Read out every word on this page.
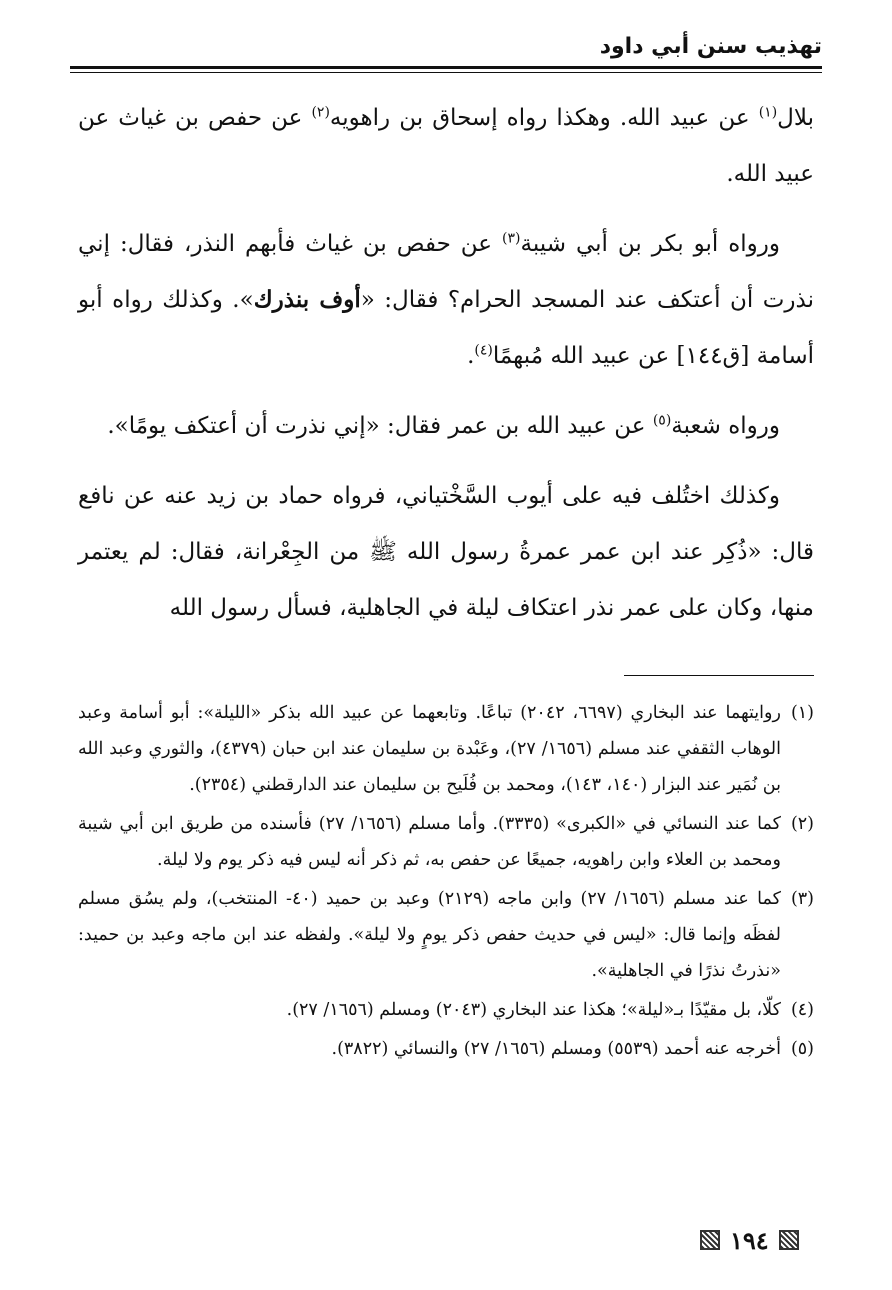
تهذيب سنن أبي داود

بلال$^{(١)}$ عن عبيد الله. وهكذا رواه إسحاق بن راهويه$^{(٢)}$ عن حفص بن غياث عن عبيد الله.

ورواه أبو بكر بن أبي شيبة$^{(٣)}$ عن حفص بن غياث فأبهم النذر، فقال: إني نذرت أن أعتكف عند المسجد الحرام؟ فقال: «أوف بنذرك». وكذلك رواه أبو أسامة [ق١٤٤] عن عبيد الله مُبهمًا$^{(٤)}$.

ورواه شعبة$^{(٥)}$ عن عبيد الله بن عمر فقال: «إني نذرت أن أعتكف يومًا».

وكذلك اختُلف فيه على أيوب السَّخْتياني، فرواه حماد بن زيد عنه عن نافع قال: «ذُكِر عند ابن عمر عمرةُ رسول الله ﷺ من الجِعْرانة، فقال: لم يعتمر منها، وكان على عمر نذر اعتكاف ليلة في الجاهلية، فسأل رسول الله

(١)
روايتهما عند البخاري (٦٦٩٧، ٢٠٤٢) تباعًا. وتابعهما عن عبيد الله بذكر «الليلة»: أبو أسامة وعبد الوهاب الثقفي عند مسلم (١٦٥٦/ ٢٧)، وعَبْدة بن سليمان عند ابن حبان (٤٣٧٩)، والثوري وعبد الله بن نُمَير عند البزار (١٤٠، ١٤٣)، ومحمد بن فُلَيح بن سليمان عند الدارقطني (٢٣٥٤).
(٢)
كما عند النسائي في «الكبرى» (٣٣٣٥). وأما مسلم (١٦٥٦/ ٢٧) فأسنده من طريق ابن أبي شيبة ومحمد بن العلاء وابن راهويه، جميعًا عن حفص به، ثم ذكر أنه ليس فيه ذكر يوم ولا ليلة.
(٣)
كما عند مسلم (١٦٥٦/ ٢٧) وابن ماجه (٢١٢٩) وعبد بن حميد (٤٠- المنتخب)، ولم يسُق مسلم لفظَه وإنما قال: «ليس في حديث حفص ذكر يومٍ ولا ليلة». ولفظه عند ابن ماجه وعبد بن حميد: «نذرتُ نذرًا في الجاهلية».
(٤)
كلّا، بل مقيّدًا بـ«ليلة»؛ هكذا عند البخاري (٢٠٤٣) ومسلم (١٦٥٦/ ٢٧).
(٥)
أخرجه عنه أحمد (٥٥٣٩) ومسلم (١٦٥٦/ ٢٧) والنسائي (٣٨٢٢).
١٩٤
